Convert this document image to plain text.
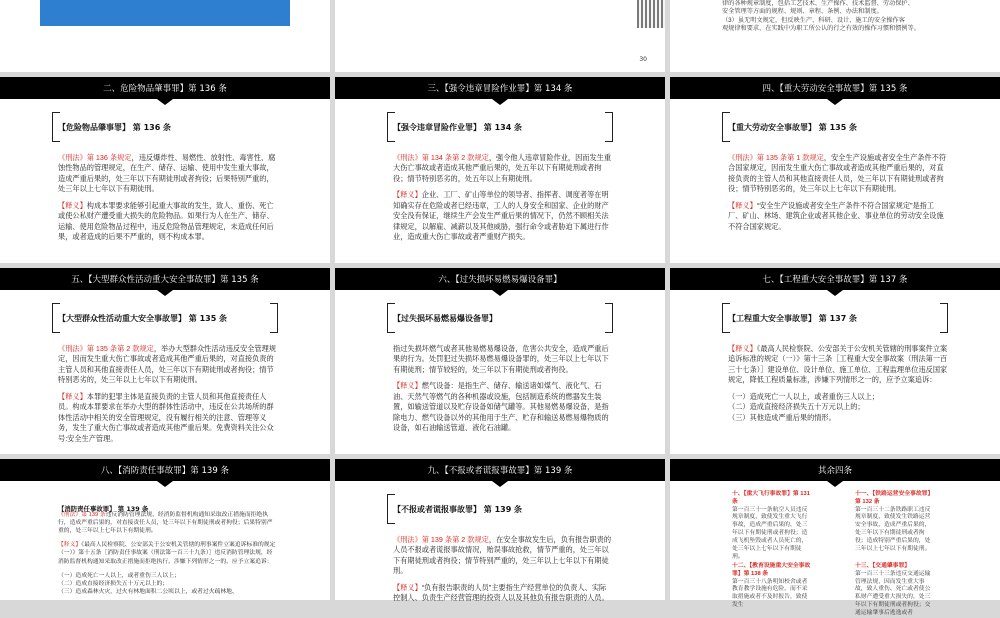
30
律的各种规章制度，包括工艺技术、生产操作、技术监督、劳动保护、
安全管理等方面的规程、规则、章程、条例、办法和制度。
（3）虽无明文规定，但反映生产、科研、设计、施工的安全操作客
观规律和要求，在实践中为职工所公认的行之有效的操作习惯和惯例等。
二、危险物品肇事罪】第 136 条
【危险物品肇事罪】 第 136 条

《刑法》第 136 条规定，违反爆炸性、易燃性、放射性、毒害性、腐蚀性物品的管理规定，在生产、储存、运输、使用中发生重大事故，造成严重后果的，处三年以下有期徒刑或者拘役；后果特别严重的，处三年以上七年以下有期徒刑。

【释义】构成本罪要求能够引起重大事故的发生，致人、重伤、死亡或使公私财产遭受重大损失的危险物品。如果行为人在生产、储存、运输、使用危险物品过程中，违反危险物品管理规定，未造成任何后果，或者造成的后果不严重的，则不构成本罪。

三、【强令违章冒险作业罪】第 134 条
【强令违章冒险作业罪】 第 134 条

《刑法》第 134 条第 2 款规定，强令他人违章冒险作业，因而发生重大伤亡事故或者造成其他严重后果的，处五年以下有期徒刑或者拘役；情节特别恶劣的，处五年以上有期徒刑。

【释义】企业、工厂、矿山等单位的领导者、指挥者、调度者等在明知确实存在危险或者已经违章，工人的人身安全和国家、企业的财产安全没有保证，继续生产会发生严重后果的情况下，仍然不顾相关法律规定，以解雇、减薪以及其他威胁，强行命令或者胁迫下属进行作业，造成重大伤亡事故或者严重财产损失。

四、【重大劳动安全事故罪】第 135 条
【重大劳动安全事故罪】 第 135 条

《刑法》第 135 条第 1 款规定，安全生产设施或者安全生产条件不符合国家规定，因而发生重大伤亡事故或者造成其他严重后果的，对直接负责的主管人员和其他直接责任人员，处三年以下有期徒刑或者拘役；情节特别恶劣的，处三年以上七年以下有期徒刑。

【释义】“安全生产设施或者安全生产条件不符合国家规定”是指工厂、矿山、林场、建筑企业或者其他企业、事业单位的劳动安全设施不符合国家规定。

五、【大型群众性活动重大安全事故罪】第 135 条
【大型群众性活动重大安全事故罪】 第 135 条

《刑法》第 135 条第 2 款规定，举办大型群众性活动违反安全管理规定，因而发生重大伤亡事故或者造成其他严重后果的，对直接负责的主管人员和其他直接责任人员，处三年以下有期徒刑或者拘役；情节特别恶劣的，处三年以上七年以下有期徒刑。

【释义】本罪的犯罪主体是直接负责的主管人员和其他直接责任人员。构成本罪要求在举办大型的群体性活动中，违反在公共场所的群体性活动中相关的安全管理规定，没有履行相关的注意、管理等义务，发生了重大伤亡事故或者造成其他严重后果。免费资料关注公众号:安全生产管理。

六、【过失损坏易燃易爆设备罪】
【过失损坏易燃易爆设备罪】

指过失损坏燃气或者其他易燃易爆设备，危害公共安全，造成严重后果的行为。处罚犯过失损坏易燃易爆设备罪的，处三年以上七年以下有期徒刑；情节较轻的，处三年以下有期徒刑或者拘役。

【释义】燃气设备：是指生产、储存、输送诸如煤气、液化气、石油、天然气等燃气的各种机器或设施，包括制造系统的燃器发生装置，如输送管道以及贮存设备如储气罐等。其他易燃易爆设备，是指除电力、燃气设备以外的其他用于生产、贮存和输送易燃易爆物质的设备，如石油输送管道、液化石油罐。

七、【工程重大安全事故罪】第 137 条
【工程重大安全事故罪】 第 137 条

【释义】《最高人民检察院、公安部关于公安机关管辖的刑事案件立案追诉标准的规定（一）》第十三条［工程重大安全事故案（刑法第一百三十七条）］建设单位、设计单位、施工单位、工程监理单位违反国家规定，降低工程质量标准，涉嫌下列情形之一的，应予立案追诉：

（一）造成死亡一人以上，或者重伤三人以上；
（二）造成直接经济损失五十万元以上的；
（三）其他造成严重后果的情形。
八、【消防责任事故罪】第 139 条
【消防责任事故罪】 第 139 条

《刑法》第 139 条违反消防管理法规，经消防监督机构通知采取改正措施而拒绝执行，造成严重后果的，对直接责任人员，处三年以下有期徒刑或者拘役；后果特别严重的，处三年以上七年以下有期徒刑。

【释义】《最高人民检察院、公安部关于公安机关管辖的刑事案件立案追诉标准的规定（一）》第十五条［消防责任事故案（刑法第一百三十九条）］违反消防管理法规，经消防监督机构通知采取改正措施而拒绝执行，涉嫌下列情形之一的，应予立案追诉：

（一）造成死亡一人以上，或者重伤三人以上；
（二）造成直接经济损失五十万元以上的；
（三）造成森林火灾，过火有林地面积二公顷以上，或者过火疏林地、
九、【不报或者谎报事故罪】第 139 条
【不报或者谎报事故罪】 第 139 条

《刑法》第 139 条第 2 款规定，在安全事故发生后，负有报告职责的人员不报或者谎报事故情况，贻误事故抢救，情节严重的，处三年以下有期徒刑或者拘役；情节特别严重的，处三年以上七年以下有期徒刑。

【释义】“负有报告职责的人员”主要指生产经营单位的负责人、实际控制人、负责生产经营管理的投资人以及其他负有报告职责的人员。

其余四条
十、【重大飞行事故罪】第 131 条
第一百三十一条航空人员违反规章制度，致使发生重大飞行事故，造成严重后果的，处三年以下有期徒刑或者拘役；造成飞机坠毁或者人员死亡的，处三年以上七年以下有期徒刑。
十一、【铁路运营安全事故罪】第 132 条
第一百三十二条铁路职工违反规章制度，致使发生铁路运营安全事故，造成严重后果的，处三年以下有期徒刑或者拘役；造成特别严重后果的，处三年以上七年以下有期徒刑。
十二、【教育设施重大安全事故罪】第 138 条
第一百三十八条明知校舍或者教育教学设施有危险，而不采取措施或者不及时报告，致使发生
十三、【交通肇事罪】
第一百三十三条违反交通运输管理法规，因而发生重大事故，致人重伤、死亡或者使公私财产遭受重大损失的，处三年以下有期徒刑或者拘役；交通运输肇事后逃逸或者
